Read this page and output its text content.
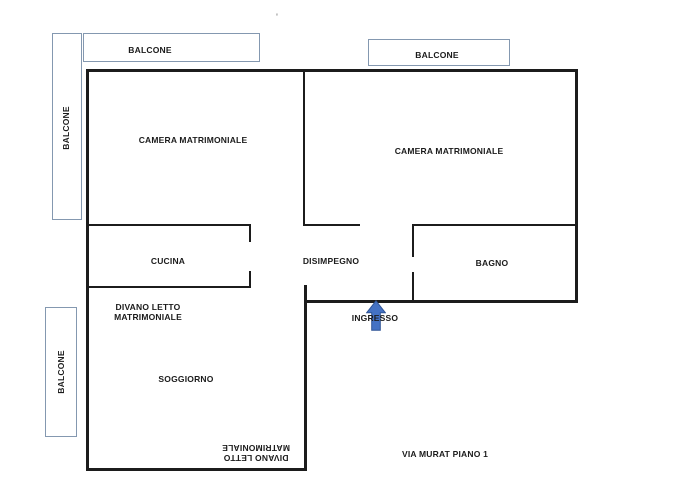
'
BALCONE
BALCONE	BALCONE
BALCONE
CAMERA MATRIMONIALE
CAMERA MATRIMONIALE
CUCINA	DISIMPEGNO	BAGNO
SOGGIORNO
DIVANO LETTO
MATRIMONIALE
DIVANO LETTO
MATRIMONIALE
INGRESSO
VIA MURAT PIANO 1
